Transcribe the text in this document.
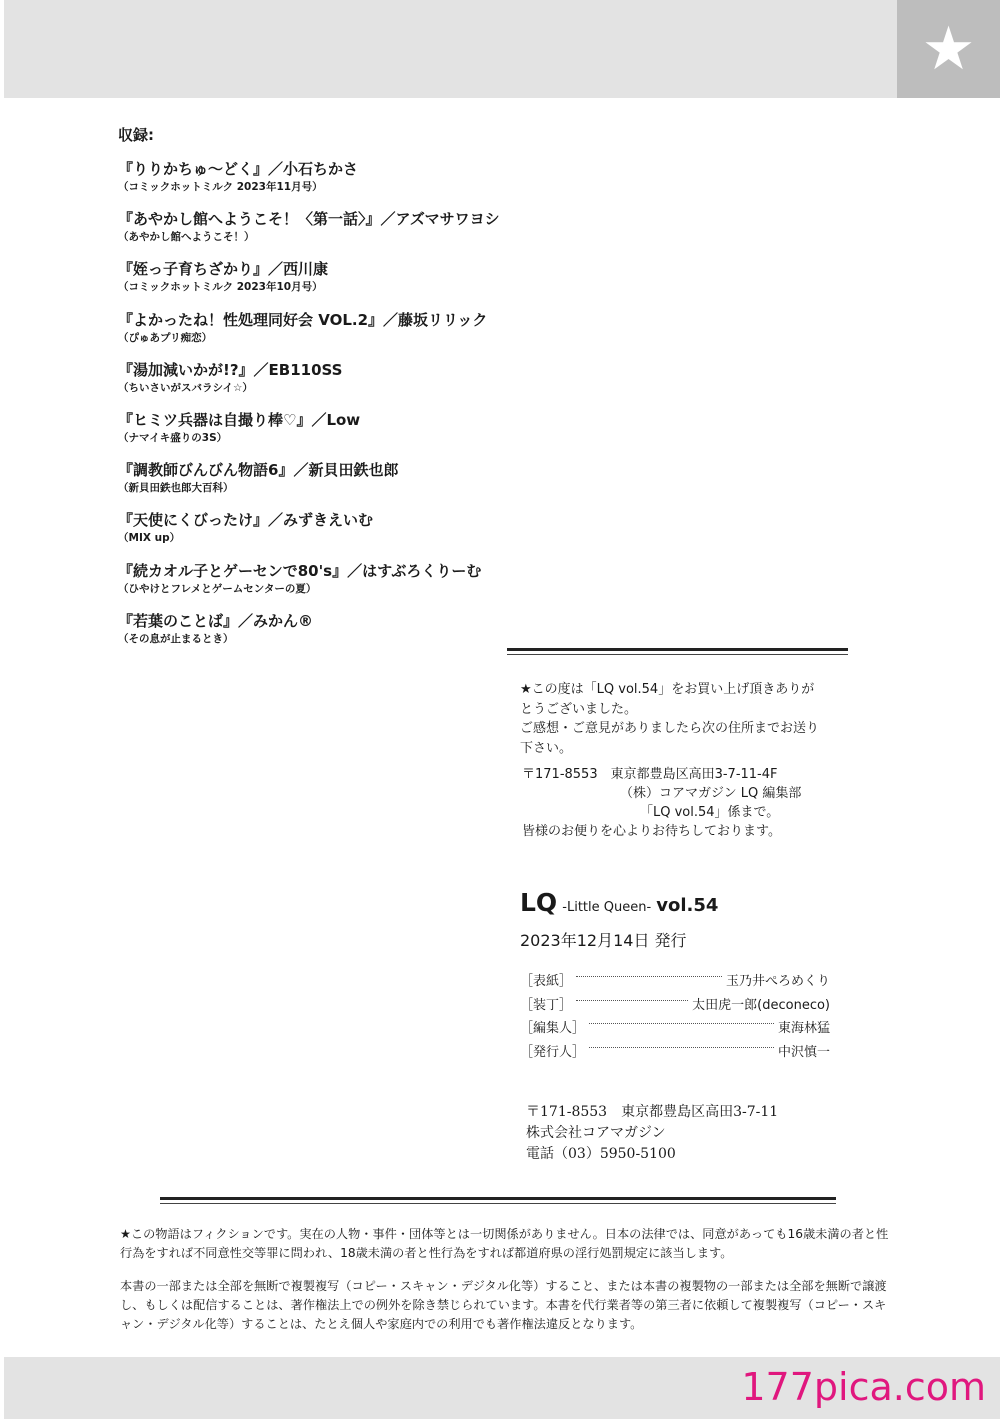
★
収録:
『りりかちゅ〜どく』／小石ちかさ
（コミックホットミルク 2023年11月号）
『あやかし館へようこそ！〈第一話〉』／アズマサワヨシ
（あやかし館へようこそ！）
『姪っ子育ちざかり』／西川康
（コミックホットミルク 2023年10月号）
『よかったね！性処理同好会 VOL.2』／藤坂リリック
（ぴゅあプリ痴恋）
『湯加減いかが!?』／EB110SS
（ちいさいがスバラシイ☆）
『ヒミツ兵器は自撮り棒♡』／Low
（ナマイキ盛りの3S）
『調教師びんびん物語6』／新貝田鉄也郎
（新貝田鉄也郎大百科）
『天使にくびったけ』／みずきえいむ
（MIX up）
『続カオル子とゲーセンで80's』／はすぶろくりーむ
（ひやけとフレメとゲームセンターの夏）
『若葉のことば』／みかん®
（その息が止まるとき）

★この度は「LQ vol.54」をお買い上げ頂きありが

とうございました。

ご感想・ご意見がありましたら次の住所までお送り

下さい。

〒171-8553　東京都豊島区高田3-7-11-4F
（株）コアマガジン LQ 編集部
「LQ vol.54」係まで。
皆様のお便りを心よりお待ちしております。
LQ -Little Queen- vol.54
2023年12月14日 発行
［表紙］	玉乃井ぺろめくり
［装丁］	太田虎一郎(deconeco)
［編集人］	東海林猛
［発行人］	中沢慎一
〒171-8553　東京都豊島区高田3-7-11
株式会社コアマガジン
電話（03）5950-5100

★この物語はフィクションです。実在の人物・事件・団体等とは一切関係がありません。日本の法律では、同意があっても16歳未満の者と性行為をすれば不同意性交等罪に問われ、18歳未満の者と性行為をすれば都道府県の淫行処罰規定に該当します。

本書の一部または全部を無断で複製複写（コピー・スキャン・デジタル化等）すること、または本書の複製物の一部または全部を無断で譲渡し、もしくは配信することは、著作権法上での例外を除き禁じられています。本書を代行業者等の第三者に依頼して複製複写（コピー・スキャン・デジタル化等）することは、たとえ個人や家庭内での利用でも著作権法違反となります。

177pica.com
